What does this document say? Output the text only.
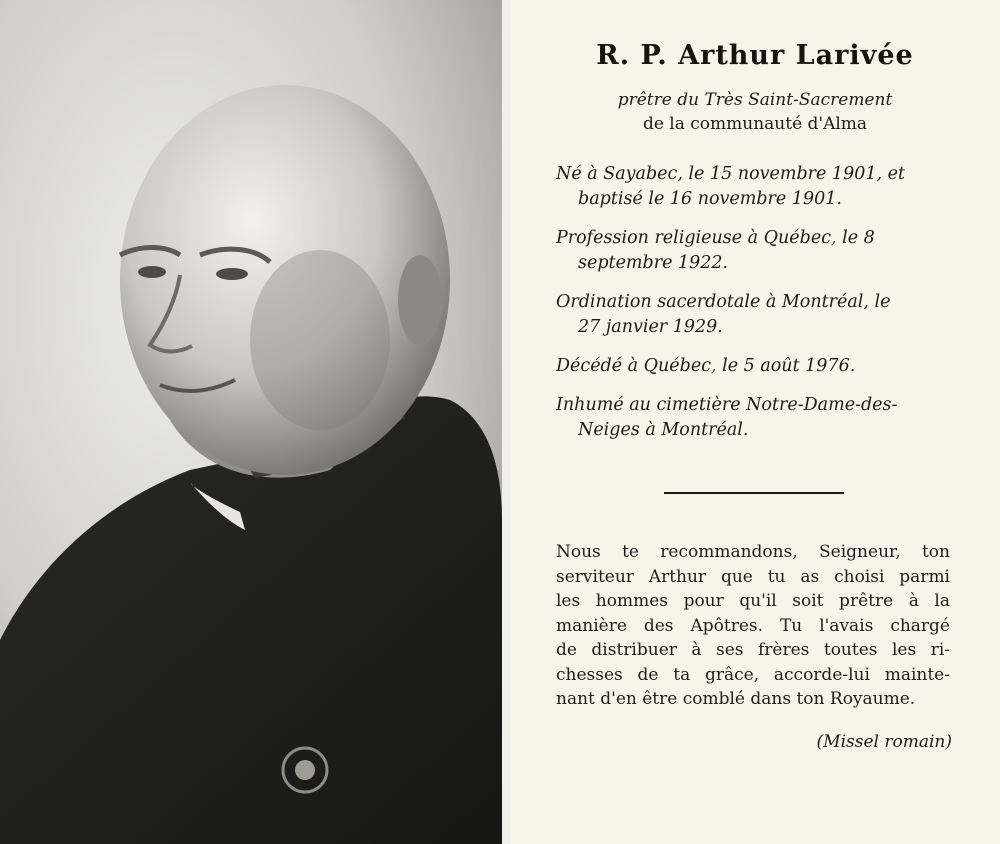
R. P. Arthur Larivée
prêtre du Très Saint-Sacrement
de la communauté d'Alma
Né à Sayabec, le 15 novembre 1901, et
baptisé le 16 novembre 1901.
Profession religieuse à Québec, le 8
septembre 1922.
Ordination sacerdotale à Montréal, le
27 janvier 1929.
Décédé à Québec, le 5 août 1976.
Inhumé au cimetière Notre-Dame-des-
Neiges à Montréal.
Nous te recommandons, Seigneur, ton
serviteur Arthur que tu as choisi parmi
les hommes pour qu'il soit prêtre à la
manière des Apôtres. Tu l'avais chargé
de distribuer à ses frères toutes les ri-
chesses de ta grâce, accorde-lui mainte-
nant d'en être comblé dans ton Royaume.
(Missel romain)
